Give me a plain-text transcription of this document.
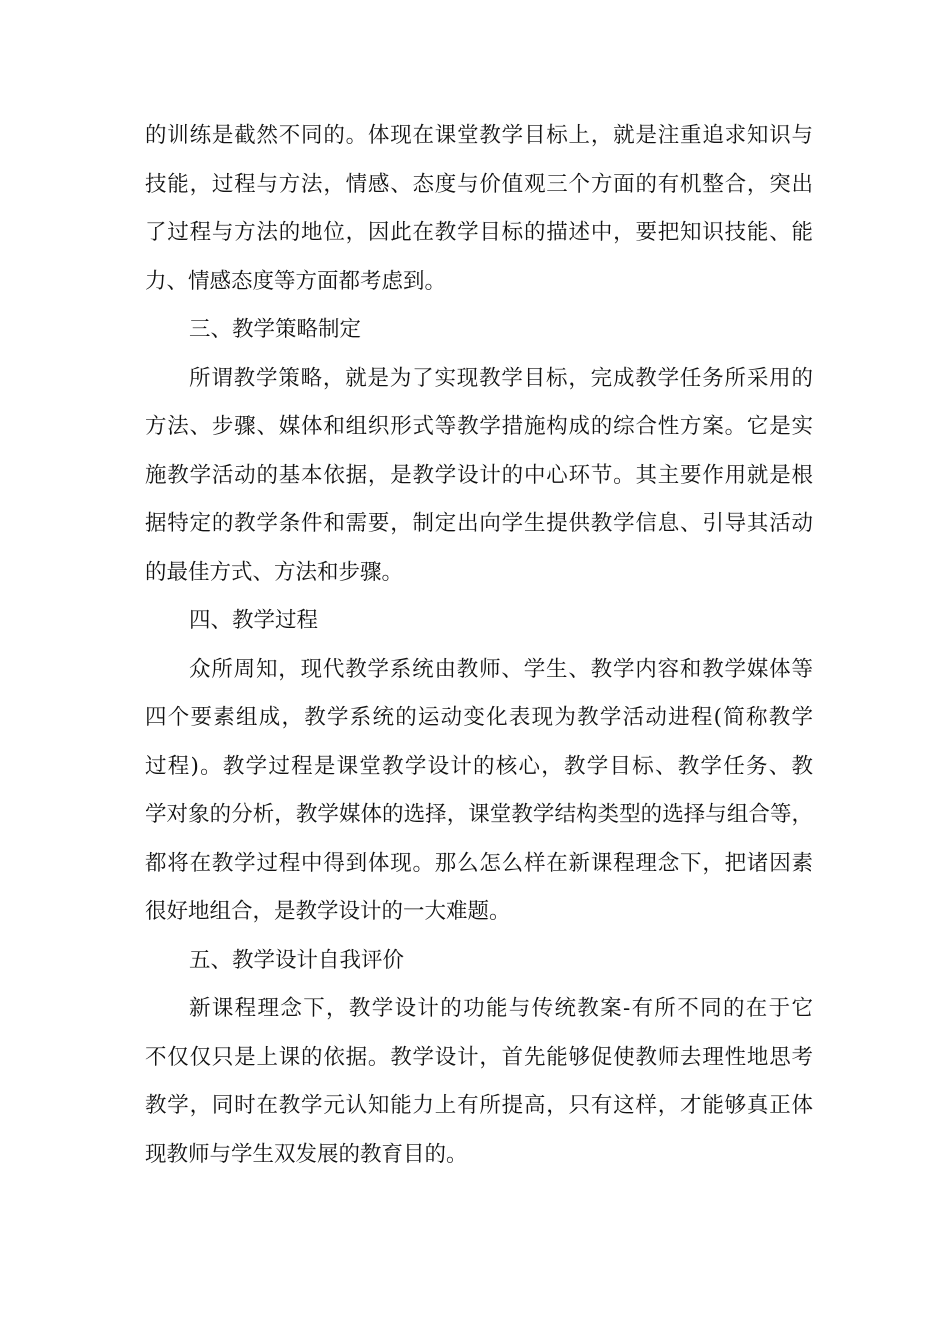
的训练是截然不同的。体现在课堂教学目标上，就是注重追求知识与
技能，过程与方法，情感、态度与价值观三个方面的有机整合，突出
了过程与方法的地位，因此在教学目标的描述中，要把知识技能、能
力、情感态度等方面都考虑到。
三、教学策略制定
所谓教学策略，就是为了实现教学目标，完成教学任务所采用的
方法、步骤、媒体和组织形式等教学措施构成的综合性方案。它是实
施教学活动的基本依据，是教学设计的中心环节。其主要作用就是根
据特定的教学条件和需要，制定出向学生提供教学信息、引导其活动
的最佳方式、方法和步骤。
四、教学过程
众所周知，现代教学系统由教师、学生、教学内容和教学媒体等
四个要素组成，教学系统的运动变化表现为教学活动进程(简称教学
过程)。教学过程是课堂教学设计的核心，教学目标、教学任务、教
学对象的分析，教学媒体的选择，课堂教学结构类型的选择与组合等，
都将在教学过程中得到体现。那么怎么样在新课程理念下，把诸因素
很好地组合，是教学设计的一大难题。
五、教学设计自我评价
新课程理念下，教学设计的功能与传统教案-有所不同的在于它
不仅仅只是上课的依据。教学设计，首先能够促使教师去理性地思考
教学，同时在教学元认知能力上有所提高，只有这样，才能够真正体
现教师与学生双发展的教育目的。
